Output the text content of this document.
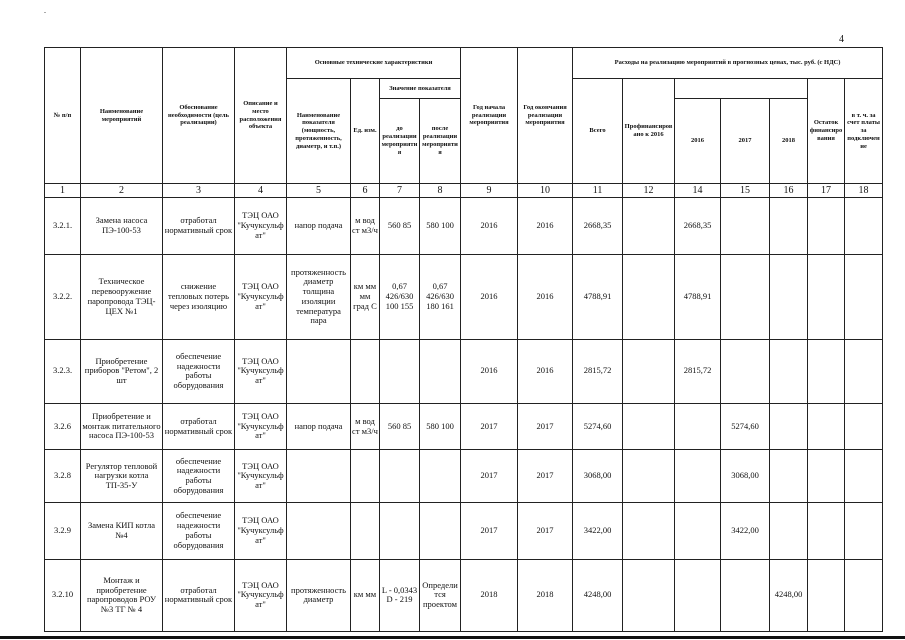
-
4
№ п/п	Наименование мероприятий	Обоснование необходимости (цель реализации)	Описание и место расположения объекта	Основные технические характеристики				Год начала реализации мероприятия	Год окончания реализации мероприятия	Расходы на реализацию мероприятий в прогнозных ценах, тыс. руб. (с НДС)						
				Наименование показателя (мощность, протяженность, диаметр, и т.п.)	Ед. изм.	Значение показателя				Всего	Профинансировано к 2016				Остаток финансирования	в т. ч. за счет платы за подключение
						до реализации мероприятия	после реализации мероприятия					2016	2017	2018		
1	2	3	4	5	6	7	8	9	10	11	12	14	15	16	17	18
3.2.1.	Замена насоса ПЭ-100-53	отработал нормативный срок	ТЭЦ ОАО "Кучуксульфат"	напор подача	м вод ст м3/ч	560 85	580 100	2016	2016	2668,35		2668,35				
3.2.2.	Техническое перевооружение паропровода ТЭЦ-ЦЕХ №1	снижение тепловых потерь через изоляцию	ТЭЦ ОАО "Кучуксульфат"	протяженность диаметр толщина изоляции температура пара	км мм мм град С	0,67 426/630 100 155	0,67 426/630 180 161	2016	2016	4788,91		4788,91				
3.2.3.	Приобретение приборов "Ретом", 2 шт	обеспечение надежности работы оборудования	ТЭЦ ОАО "Кучуксульфат"					2016	2016	2815,72		2815,72				
3.2.6	Приобретение и монтаж питательного насоса ПЭ-100-53	отработал нормативный срок	ТЭЦ ОАО "Кучуксульфат"	напор подача	м вод ст м3/ч	560 85	580 100	2017	2017	5274,60			5274,60			
3.2.8	Регулятор тепловой нагрузки котла ТП-35-У	обеспечение надежности работы оборудования	ТЭЦ ОАО "Кучуксульфат"					2017	2017	3068,00			3068,00			
3.2.9	Замена КИП котла №4	обеспечение надежности работы оборудования	ТЭЦ ОАО "Кучуксульфат"					2017	2017	3422,00			3422,00			
3.2.10	Монтаж и приобретение паропроводов РОУ №3 ТГ № 4	отработал нормативный срок	ТЭЦ ОАО "Кучуксульфат"	протяженность диаметр	км мм	L - 0,0343 D - 219	Определится проектом	2018	2018	4248,00				4248,00		
